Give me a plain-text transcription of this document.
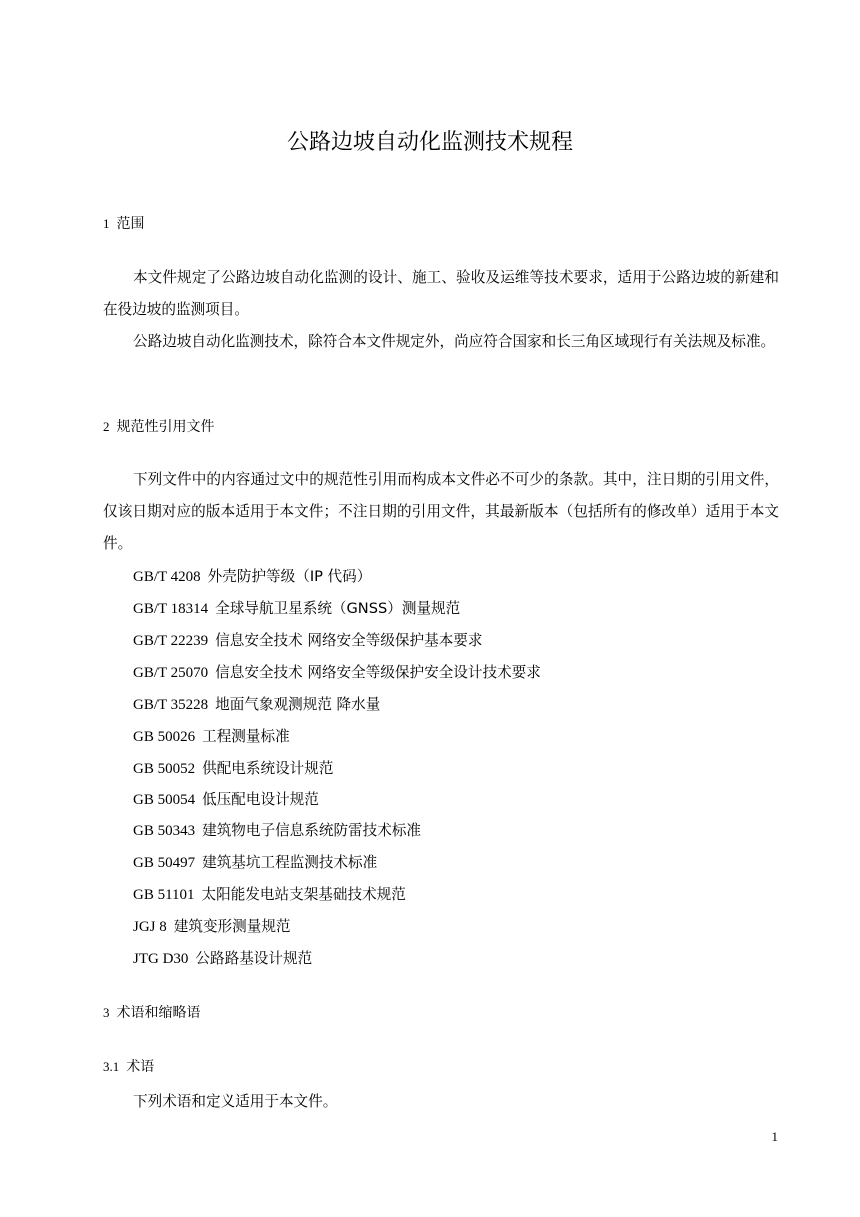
公路边坡自动化监测技术规程
1 范围

本文件规定了公路边坡自动化监测的设计、施工、验收及运维等技术要求，适用于公路边坡的新建和在役边坡的监测项目。

公路边坡自动化监测技术，除符合本文件规定外，尚应符合国家和长三角区域现行有关法规及标准。

2 规范性引用文件

下列文件中的内容通过文中的规范性引用而构成本文件必不可少的条款。其中，注日期的引用文件，仅该日期对应的版本适用于本文件；不注日期的引用文件，其最新版本（包括所有的修改单）适用于本文件。

GB/T 4208 外壳防护等级（IP 代码）
GB/T 18314 全球导航卫星系统（GNSS）测量规范
GB/T 22239 信息安全技术 网络安全等级保护基本要求
GB/T 25070 信息安全技术 网络安全等级保护安全设计技术要求
GB/T 35228 地面气象观测规范 降水量
GB 50026 工程测量标准
GB 50052 供配电系统设计规范
GB 50054 低压配电设计规范
GB 50343 建筑物电子信息系统防雷技术标准
GB 50497 建筑基坑工程监测技术标准
GB 51101 太阳能发电站支架基础技术规范
JGJ 8 建筑变形测量规范
JTG D30 公路路基设计规范
3 术语和缩略语
3.1 术语

下列术语和定义适用于本文件。

1
